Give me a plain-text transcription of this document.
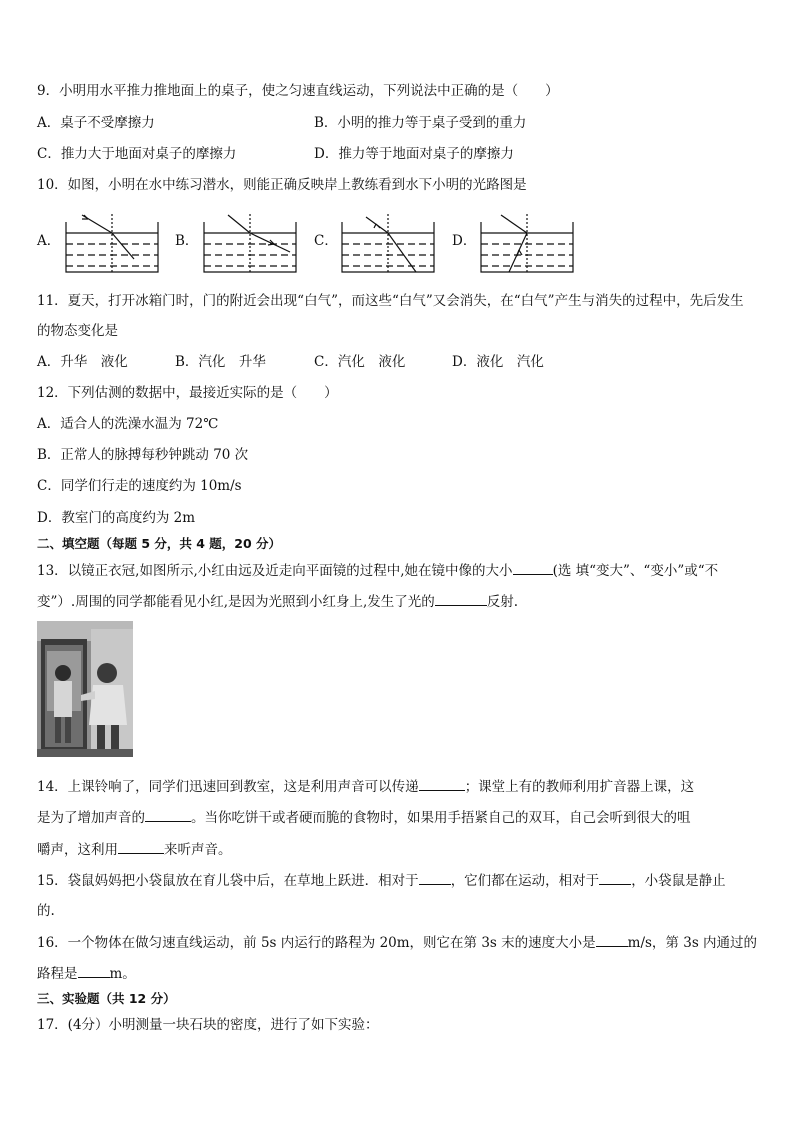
9．小明用水平推力推地面上的桌子，使之匀速直线运动，下列说法中正确的是（　　）
A．桌子不受摩擦力	B．小明的推力等于桌子受到的重力
C．推力大于地面对桌子的摩擦力	D．推力等于地面对桌子的摩擦力
10．如图，小明在水中练习潜水，则能正确反映岸上教练看到水下小明的光路图是
A．	B．	C．	D．
11．夏天，打开冰箱门时，门的附近会出现“白气”，而这些“白气”又会消失，在“白气”产生与消失的过程中，先后发生
的物态变化是
A．升华　液化	B．汽化　升华	C．汽化　液化	D．液化　汽化
12．下列估测的数据中，最接近实际的是（　　）
A．适合人的洗澡水温为 72℃
B．正常人的脉搏每秒钟跳动 70 次
C．同学们行走的速度约为 10m/s
D．教室门的高度约为 2m
二、填空题（每题 5 分，共 4 题，20 分）
13．以镜正衣冠,如图所示,小红由远及近走向平面镜的过程中,她在镜中像的大小	(选 填“变大”、“变小”或“不
变”）.周围的同学都能看见小红,是因为光照到小红身上,发生了光的	反射.
14．上课铃响了，同学们迅速回到教室，这是利用声音可以传递	；课堂上有的教师利用扩音器上课，这
是为了增加声音的	。当你吃饼干或者硬而脆的食物时，如果用手捂紧自己的双耳，自己会听到很大的咀
嚼声，这利用	来听声音。
15．袋鼠妈妈把小袋鼠放在育儿袋中后，在草地上跃进．相对于 ，它们都在运动，相对于 ，小袋鼠是静止
的.
16．一个物体在做匀速直线运动，前 5s 内运行的路程为 20m，则它在第 3s 末的速度大小是 m/s，第 3s 内通过的
路程是 m。
三、实验题（共 12 分）
17．(4分）小明测量一块石块的密度，进行了如下实验：
